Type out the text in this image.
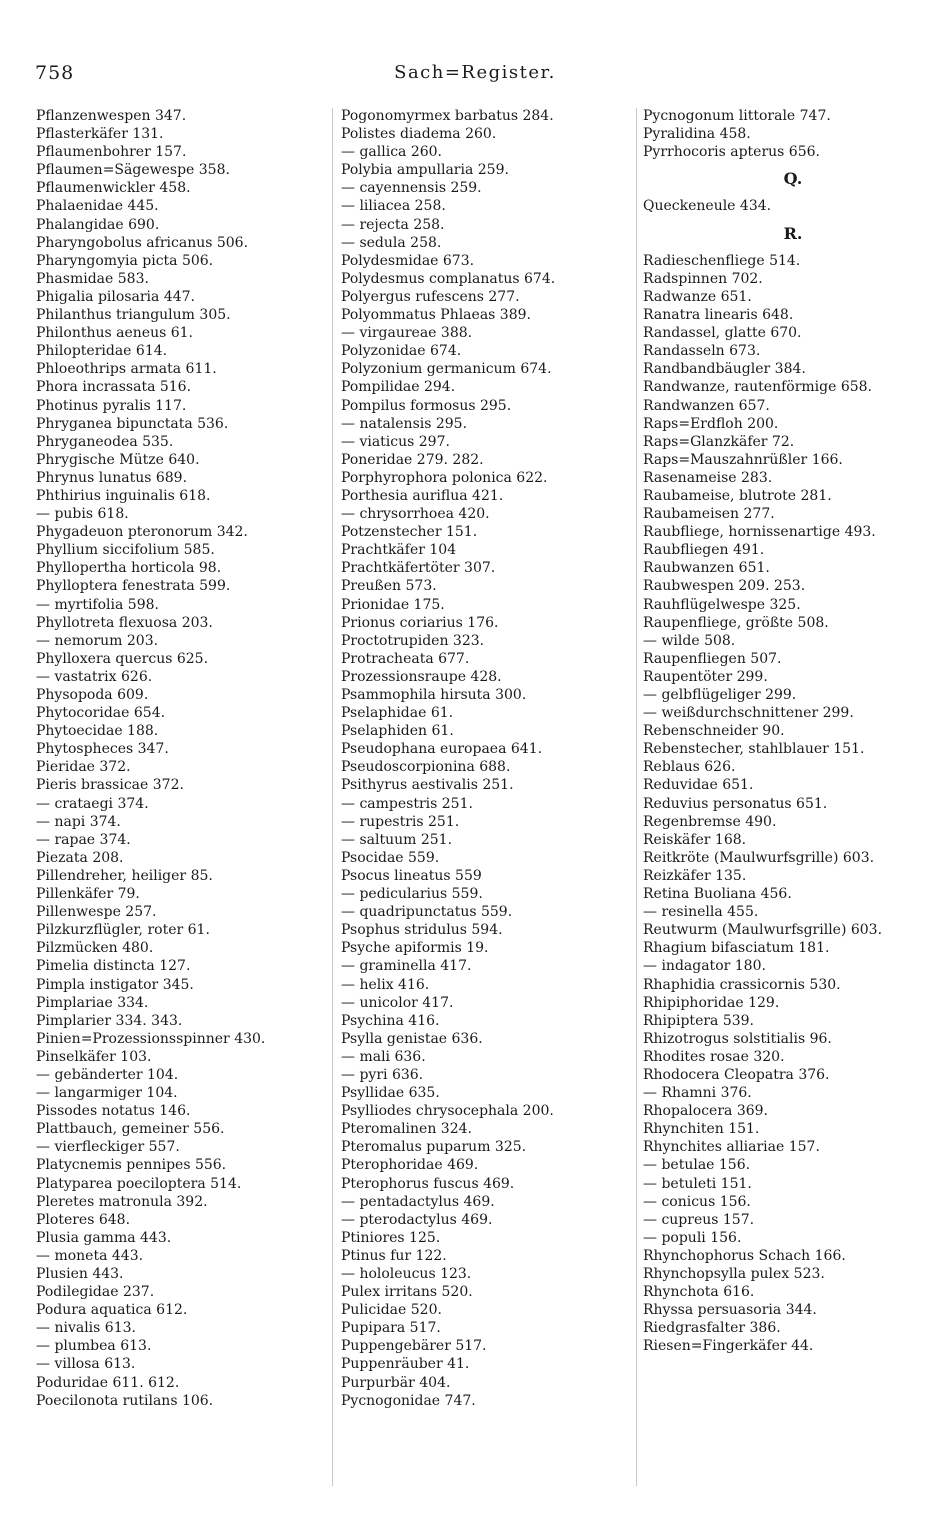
758	Sach=Register.
Pflanzenwespen 347.
Pflasterkäfer 131.
Pflaumenbohrer 157.
Pflaumen=Sägewespe 358.
Pflaumenwickler 458.
Phalaenidae 445.
Phalangidae 690.
Pharyngobolus africanus 506.
Pharyngomyia picta 506.
Phasmidae 583.
Phigalia pilosaria 447.
Philanthus triangulum 305.
Philonthus aeneus 61.
Philopteridae 614.
Phloeothrips armata 611.
Phora incrassata 516.
Photinus pyralis 117.
Phryganea bipunctata 536.
Phryganeodea 535.
Phrygische Mütze 640.
Phrynus lunatus 689.
Phthirius inguinalis 618.
— pubis 618.
Phygadeuon pteronorum 342.
Phyllium siccifolium 585.
Phyllopertha horticola 98.
Phylloptera fenestrata 599.
— myrtifolia 598.
Phyllotreta flexuosa 203.
— nemorum 203.
Phylloxera quercus 625.
— vastatrix 626.
Physopoda 609.
Phytocoridae 654.
Phytoecidae 188.
Phytospheces 347.
Pieridae 372.
Pieris brassicae 372.
— crataegi 374.
— napi 374.
— rapae 374.
Piezata 208.
Pillendreher, heiliger 85.
Pillenkäfer 79.
Pillenwespe 257.
Pilzkurzflügler, roter 61.
Pilzmücken 480.
Pimelia distincta 127.
Pimpla instigator 345.
Pimplariae 334.
Pimplarier 334. 343.
Pinien=Prozessionsspinner 430.
Pinselkäfer 103.
— gebänderter 104.
— langarmiger 104.
Pissodes notatus 146.
Plattbauch, gemeiner 556.
— vierfleckiger 557.
Platycnemis pennipes 556.
Platyparea poeciloptera 514.
Pleretes matronula 392.
Ploteres 648.
Plusia gamma 443.
— moneta 443.
Plusien 443.
Podilegidae 237.
Podura aquatica 612.
— nivalis 613.
— plumbea 613.
— villosa 613.
Poduridae 611. 612.
Poecilonota rutilans 106.
Pogonomyrmex barbatus 284.
Polistes diadema 260.
— gallica 260.
Polybia ampullaria 259.
— cayennensis 259.
— liliacea 258.
— rejecta 258.
— sedula 258.
Polydesmidae 673.
Polydesmus complanatus 674.
Polyergus rufescens 277.
Polyommatus Phlaeas 389.
— virgaureae 388.
Polyzonidae 674.
Polyzonium germanicum 674.
Pompilidae 294.
Pompilus formosus 295.
— natalensis 295.
— viaticus 297.
Poneridae 279. 282.
Porphyrophora polonica 622.
Porthesia auriflua 421.
— chrysorrhoea 420.
Potzenstecher 151.
Prachtkäfer 104
Prachtkäfertöter 307.
Preußen 573.
Prionidae 175.
Prionus coriarius 176.
Proctotrupiden 323.
Protracheata 677.
Prozessionsraupe 428.
Psammophila hirsuta 300.
Pselaphidae 61.
Pselaphiden 61.
Pseudophana europaea 641.
Pseudoscorpionina 688.
Psithyrus aestivalis 251.
— campestris 251.
— rupestris 251.
— saltuum 251.
Psocidae 559.
Psocus lineatus 559
— pedicularius 559.
— quadripunctatus 559.
Psophus stridulus 594.
Psyche apiformis 19.
— graminella 417.
— helix 416.
— unicolor 417.
Psychina 416.
Psylla genistae 636.
— mali 636.
— pyri 636.
Psyllidae 635.
Psylliodes chrysocephala 200.
Pteromalinen 324.
Pteromalus puparum 325.
Pterophoridae 469.
Pterophorus fuscus 469.
— pentadactylus 469.
— pterodactylus 469.
Ptiniores 125.
Ptinus fur 122.
— hololeucus 123.
Pulex irritans 520.
Pulicidae 520.
Pupipara 517.
Puppengebärer 517.
Puppenräuber 41.
Purpurbär 404.
Pycnogonidae 747.
Pycnogonum littorale 747.
Pyralidina 458.
Pyrrhocoris apterus 656.
Q.
Queckeneule 434.
R.
Radieschenfliege 514.
Radspinnen 702.
Radwanze 651.
Ranatra linearis 648.
Randassel, glatte 670.
Randasseln 673.
Randbandbäugler 384.
Randwanze, rautenförmige 658.
Randwanzen 657.
Raps=Erdfloh 200.
Raps=Glanzkäfer 72.
Raps=Mauszahnrüßler 166.
Rasenameise 283.
Raubameise, blutrote 281.
Raubameisen 277.
Raubfliege, hornissenartige 493.
Raubfliegen 491.
Raubwanzen 651.
Raubwespen 209. 253.
Rauhflügelwespe 325.
Raupenfliege, größte 508.
— wilde 508.
Raupenfliegen 507.
Raupentöter 299.
— gelbflügeliger 299.
— weißdurchschnittener 299.
Rebenschneider 90.
Rebenstecher, stahlblauer 151.
Reblaus 626.
Reduvidae 651.
Reduvius personatus 651.
Regenbremse 490.
Reiskäfer 168.
Reitkröte (Maulwurfsgrille) 603.
Reizkäfer 135.
Retina Buoliana 456.
— resinella 455.
Reutwurm (Maulwurfsgrille) 603.
Rhagium bifasciatum 181.
— indagator 180.
Rhaphidia crassicornis 530.
Rhipiphoridae 129.
Rhipiptera 539.
Rhizotrogus solstitialis 96.
Rhodites rosae 320.
Rhodocera Cleopatra 376.
— Rhamni 376.
Rhopalocera 369.
Rhynchiten 151.
Rhynchites alliariae 157.
— betulae 156.
— betuleti 151.
— conicus 156.
— cupreus 157.
— populi 156.
Rhynchophorus Schach 166.
Rhynchopsylla pulex 523.
Rhynchota 616.
Rhyssa persuasoria 344.
Riedgrasfalter 386.
Riesen=Fingerkäfer 44.
